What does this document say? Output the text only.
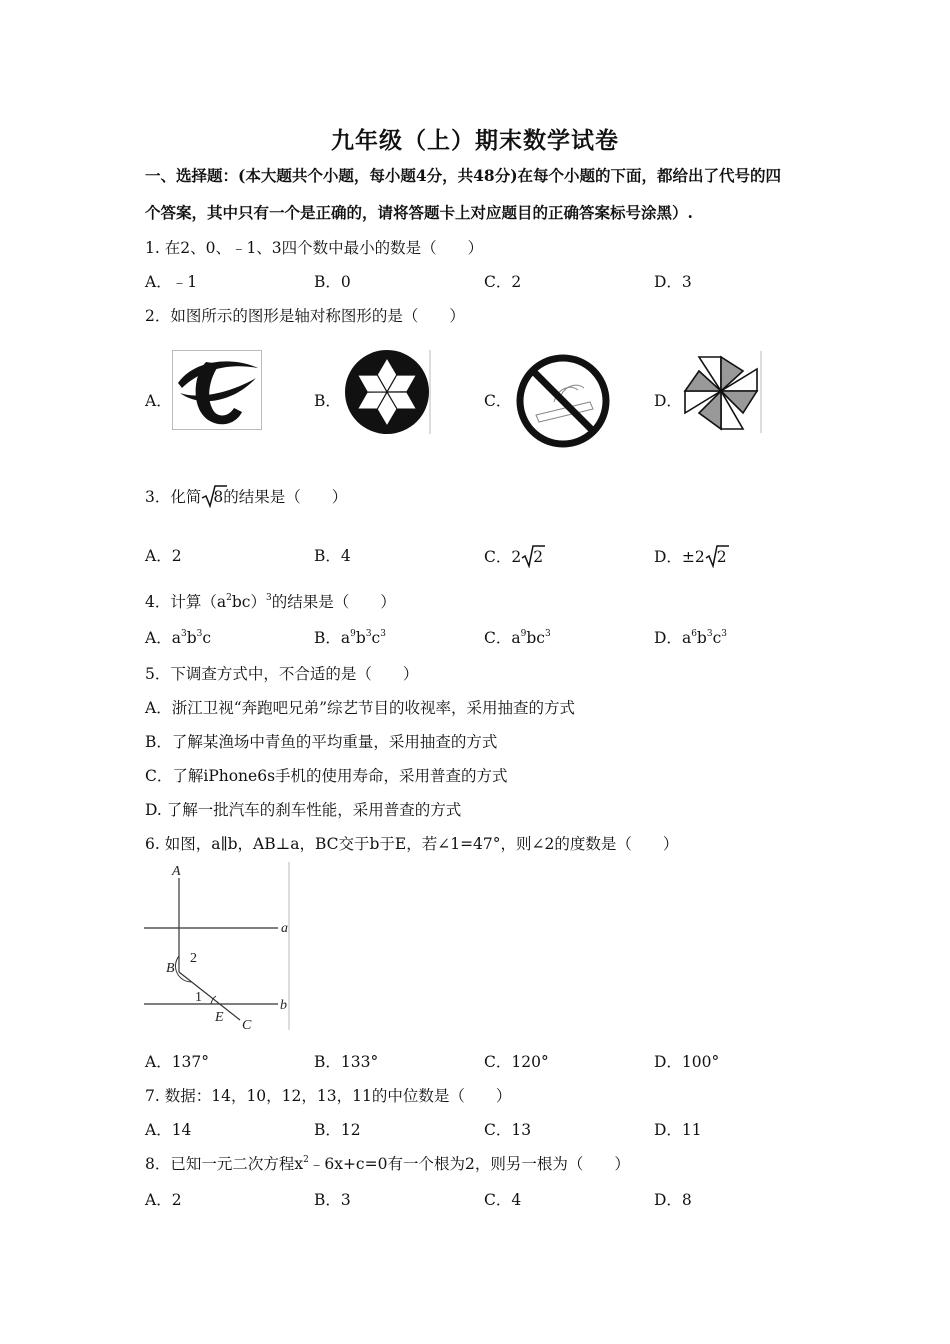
九年级（上）期末数学试卷
一、选择题：(本大题共个小题，每小题4分，共48分)在每个小题的下面，都给出了代号的四
个答案，其中只有一个是正确的，请将答题卡上对应题目的正确答案标号涂黑）.
1. 在2、0、﹣1、3四个数中最小的数是（　　）
A．﹣1	B．0	C．2	D．3
2．如图所示的图形是轴对称图形的是（　　）
A．	B．	C．	D．
3．化简 8的结果是（　　）
A．2	B．4	C．2 2	D．±2 2
4．计算$(a^2bc)^3$的结果是（　　）
A．$a^3b^3c$	B．$a^9b^3c^3$	C．$a^9bc^3$	D．$a^6b^3c^3$
5．下调查方式中，不合适的是（　　）
A．浙江卫视“奔跑吧兄弟”综艺节目的收视率，采用抽查的方式
B．了解某渔场中青鱼的平均重量，采用抽查的方式
C．了解iPhone6s手机的使用寿命，采用普查的方式
D. 了解一批汽车的刹车性能，采用普查的方式
6. 如图，a∥b，AB⊥a，BC交于b于E，若∠1=47°，则∠2的度数是（　　）
A
a
B
2
1
b
E
C
A．137°	B．133°	C．120°	D．100°
7. 数据：14，10，12，13，11的中位数是（　　）
A．14	B．12	C．13	D．11
8．已知一元二次方程$x^2﹣6x+c=0$有一个根为2，则另一根为（　　）
A．2	B．3	C．4	D．8
